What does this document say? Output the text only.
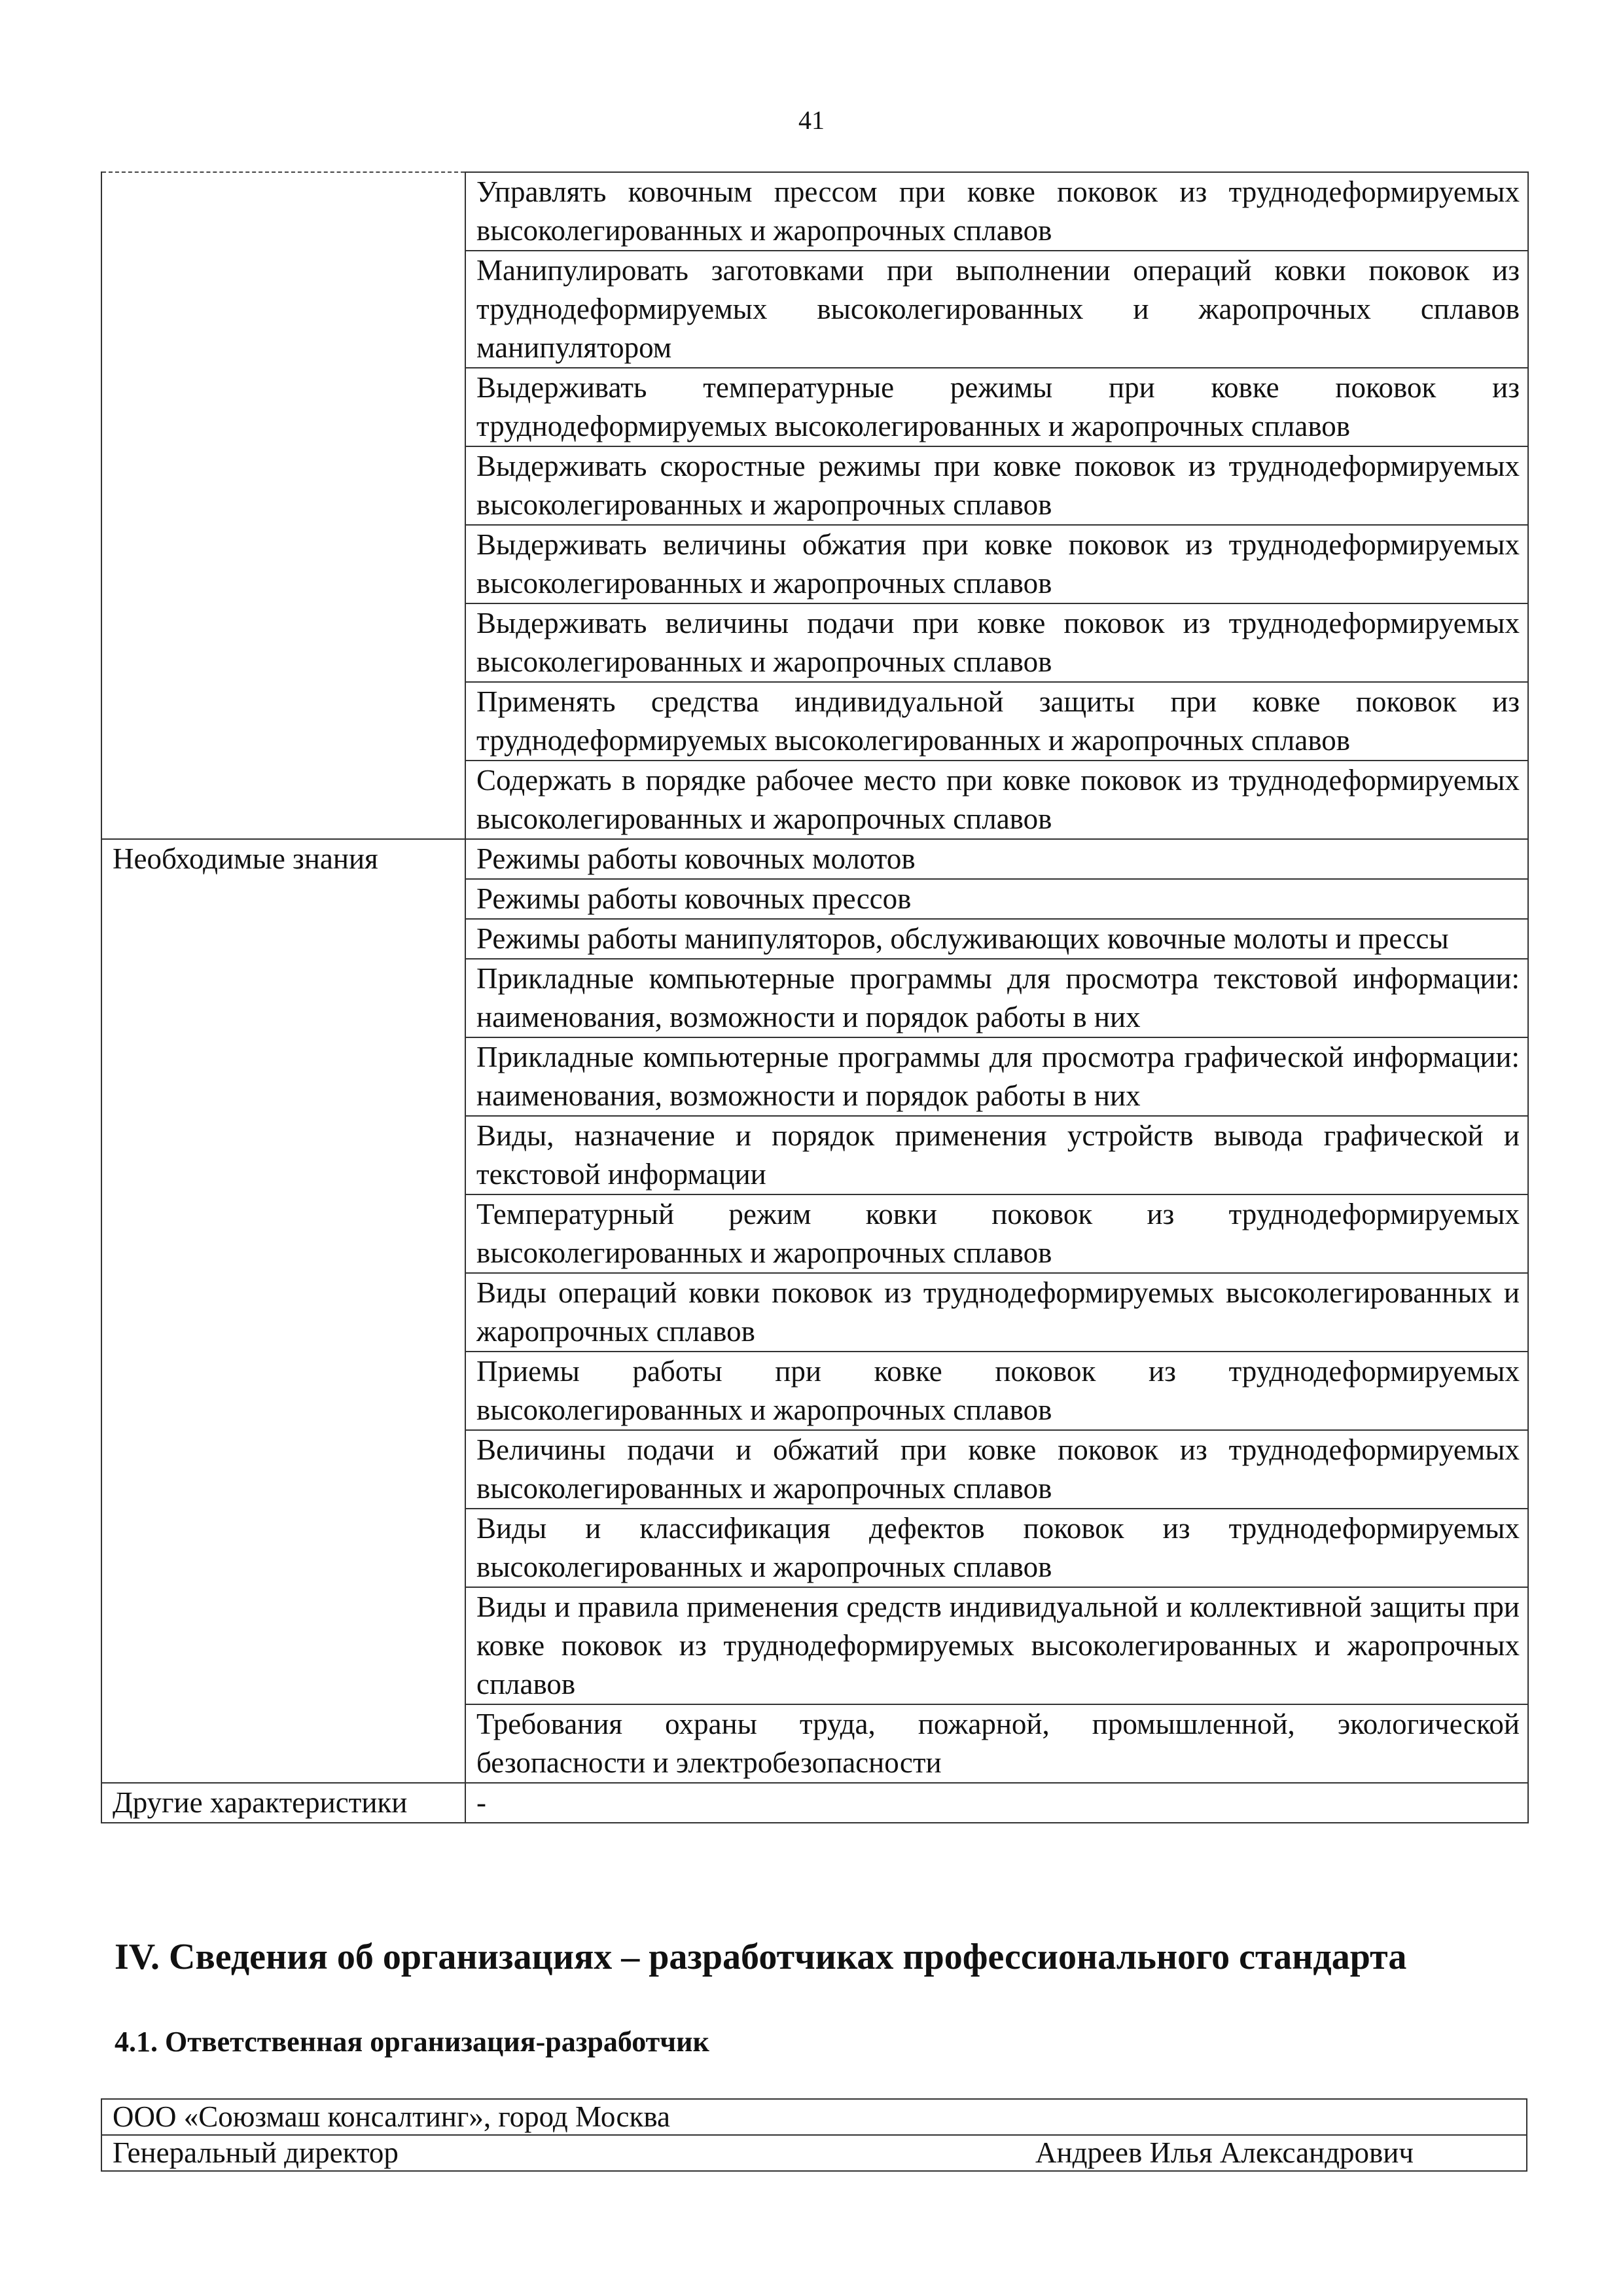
41
	Управлять ковочным прессом при ковке поковок из труднодеформируемых высоколегированных и жаропрочных сплавов
	Манипулировать заготовками при выполнении операций ковки поковок из труднодеформируемых высоколегированных и жаропрочных сплавов манипулятором
	Выдерживать температурные режимы при ковке поковок из труднодеформируемых высоколегированных и жаропрочных сплавов
	Выдерживать скоростные режимы при ковке поковок из труднодеформируемых высоколегированных и жаропрочных сплавов
	Выдерживать величины обжатия при ковке поковок из труднодеформируемых высоколегированных и жаропрочных сплавов
	Выдерживать величины подачи при ковке поковок из труднодеформируемых высоколегированных и жаропрочных сплавов
	Применять средства индивидуальной защиты при ковке поковок из труднодеформируемых высоколегированных и жаропрочных сплавов
	Содержать в порядке рабочее место при ковке поковок из труднодеформируемых высоколегированных и жаропрочных сплавов
Необходимые знания	Режимы работы ковочных молотов
	Режимы работы ковочных прессов
	Режимы работы манипуляторов, обслуживающих ковочные молоты и прессы
	Прикладные компьютерные программы для просмотра текстовой информации: наименования, возможности и порядок работы в них
	Прикладные компьютерные программы для просмотра графической информации: наименования, возможности и порядок работы в них
	Виды, назначение и порядок применения устройств вывода графической и текстовой информации
	Температурный режим ковки поковок из труднодеформируемых высоколегированных и жаропрочных сплавов
	Виды операций ковки поковок из труднодеформируемых высоколегированных и жаропрочных сплавов
	Приемы работы при ковке поковок из труднодеформируемых высоколегированных и жаропрочных сплавов
	Величины подачи и обжатий при ковке поковок из труднодеформируемых высоколегированных и жаропрочных сплавов
	Виды и классификация дефектов поковок из труднодеформируемых высоколегированных и жаропрочных сплавов
	Виды и правила применения средств индивидуальной и коллективной защиты при ковке поковок из труднодеформируемых высоколегированных и жаропрочных сплавов
	Требования охраны труда, пожарной, промышленной, экологической безопасности и электробезопасности
Другие характеристики	-
IV. Сведения об организациях – разработчиках профессионального стандарта
4.1. Ответственная организация-разработчик
ООО «Союзмаш консалтинг», город Москва

Генеральный директор	Андреев Илья Александрович
